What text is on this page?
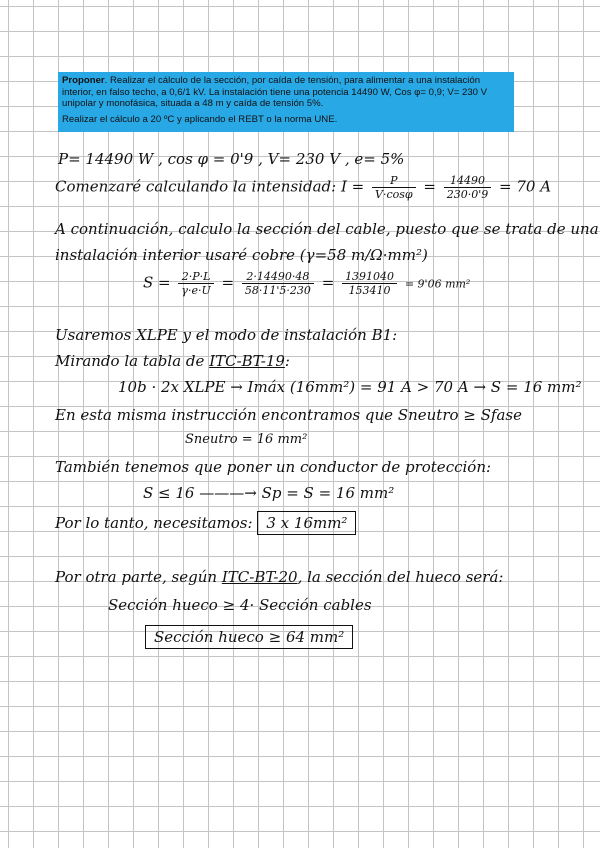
Proponer. Realizar el cálculo de la sección, por caída de tensión, para alimentar a una instalación interior, en falso techo, a 0,6/1 kV. La instalación tiene una potencia 14490 W, Cos φ= 0,9; V= 230 V unipolar y monofásica, situada a 48 m y caída de tensión 5%.

Realizar el cálculo a 20 ºC y aplicando el REBT o la norma UNE.

P= 14490 W , cos φ = 0'9 , V= 230 V , e= 5%
Comenzaré calculando la intensidad: $I = \frac{P}{V\cdot\cos\varphi} = \frac{14490}{230\cdot 0'9} = 70$ A
A continuación, calculo la sección del cable, puesto que se trata de una
instalación interior usaré cobre (γ=58 m/Ω·mm²)
$S = \frac{2\cdot P\cdot L}{\gamma\cdot e\cdot U} = \frac{2\cdot 14490\cdot 48}{58\cdot 11'5\cdot 230} = \frac{1391040}{153410} = 9'06$ mm²
Usaremos XLPE y el modo de instalación B1:
Mirando la tabla de ITC-BT-19:
10b · 2x XLPE → Imáx (16mm²) = 91 A > 70 A → S = 16 mm²
En esta misma instrucción encontramos que Sneutro ≥ Sfase
Sneutro = 16 mm²
También tenemos que poner un conductor de protección:
S ≤ 16 ———→ Sp = S = 16 mm²
Por lo tanto, necesitamos: 3 x 16mm²
Por otra parte, según ITC-BT-20, la sección del hueco será:
Sección hueco ≥ 4· Sección cables
Sección hueco ≥ 64 mm²
